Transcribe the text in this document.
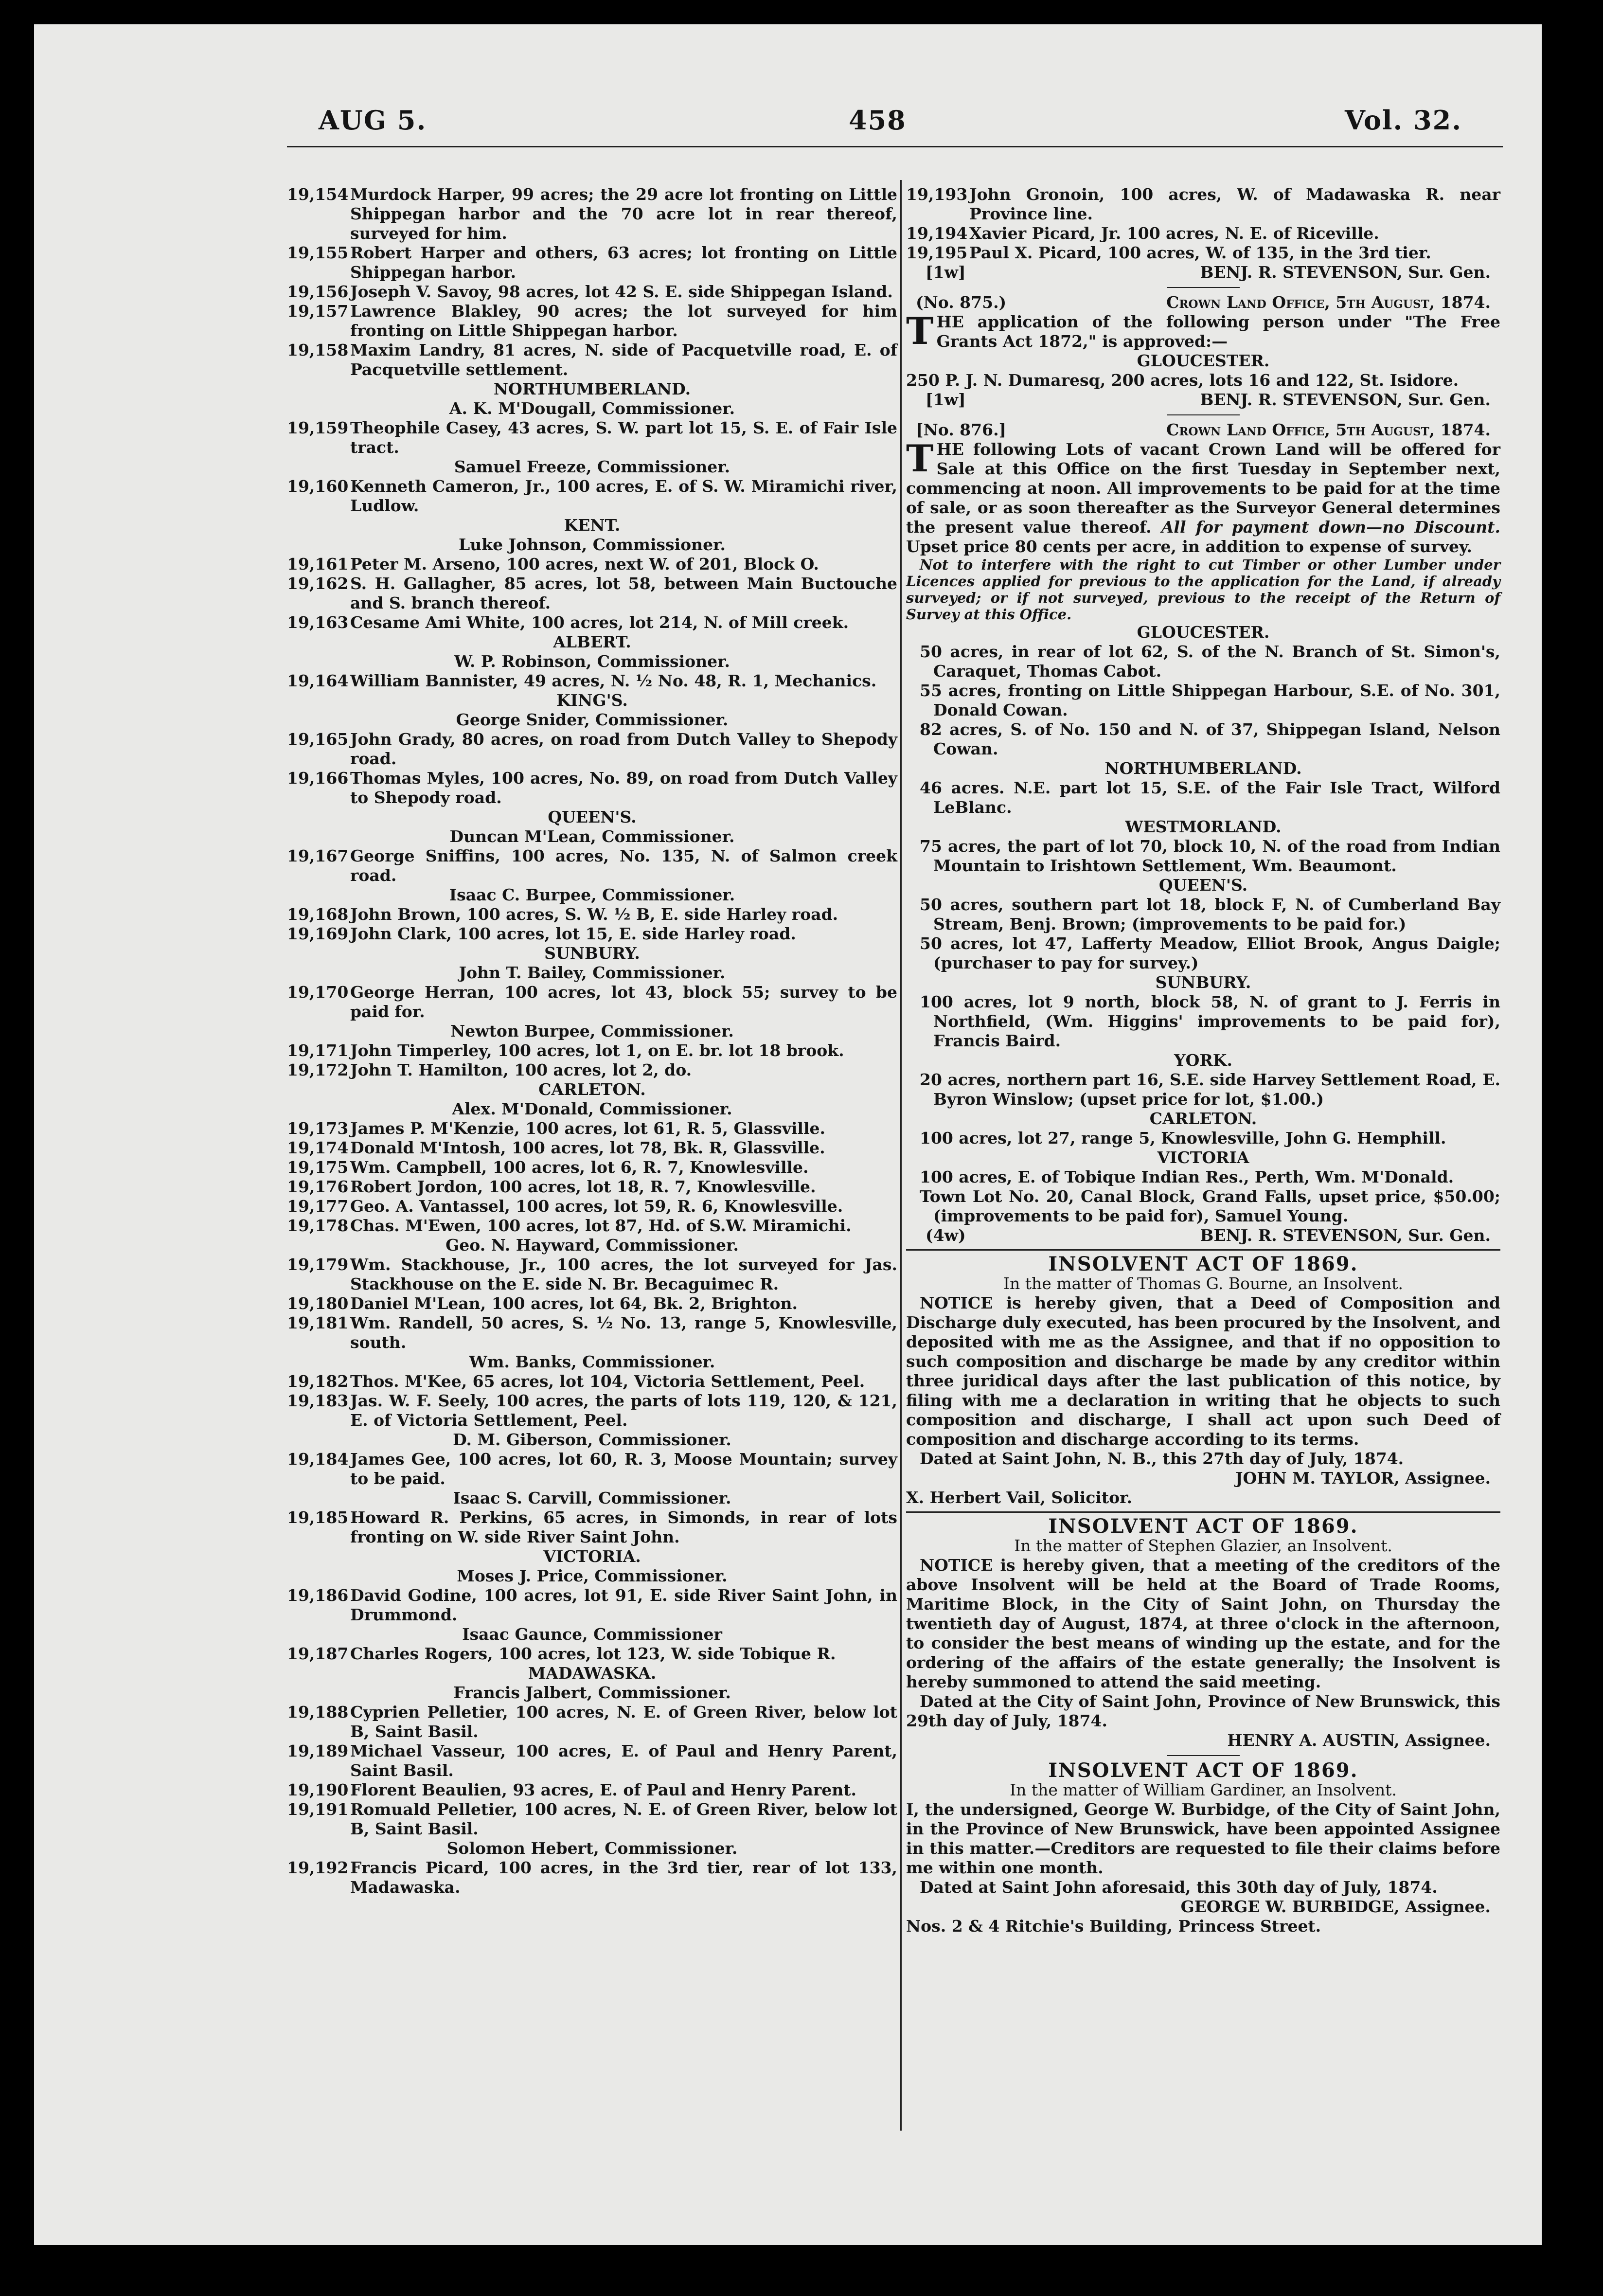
AUG 5.	458	Vol. 32.
19,154 Murdock Harper, 99 acres; the 29 acre lot fronting on Little Shippegan harbor and the 70 acre lot in rear thereof, surveyed for him.
19,155 Robert Harper and others, 63 acres; lot fronting on Little Shippegan harbor.
19,156 Joseph V. Savoy, 98 acres, lot 42 S. E. side Shippegan Island.
19,157 Lawrence Blakley, 90 acres; the lot surveyed for him fronting on Little Shippegan harbor.
19,158 Maxim Landry, 81 acres, N. side of Pacquetville road, E. of Pacquetville settlement.
NORTHUMBERLAND.
A. K. M'Dougall, Commissioner.
19,159 Theophile Casey, 43 acres, S. W. part lot 15, S. E. of Fair Isle tract.
Samuel Freeze, Commissioner.
19,160 Kenneth Cameron, Jr., 100 acres, E. of S. W. Miramichi river, Ludlow.
KENT.
Luke Johnson, Commissioner.
19,161 Peter M. Arseno, 100 acres, next W. of 201, Block O.
19,162 S. H. Gallagher, 85 acres, lot 58, between Main Buctouche and S. branch thereof.
19,163 Cesame Ami White, 100 acres, lot 214, N. of Mill creek.
ALBERT.
W. P. Robinson, Commissioner.
19,164 William Bannister, 49 acres, N. ½ No. 48, R. 1, Mechanics.
KING'S.
George Snider, Commissioner.
19,165 John Grady, 80 acres, on road from Dutch Valley to Shepody road.
19,166 Thomas Myles, 100 acres, No. 89, on road from Dutch Valley to Shepody road.
QUEEN'S.
Duncan M'Lean, Commissioner.
19,167 George Sniffins, 100 acres, No. 135, N. of Salmon creek road.
Isaac C. Burpee, Commissioner.
19,168 John Brown, 100 acres, S. W. ½ B, E. side Harley road.
19,169 John Clark, 100 acres, lot 15, E. side Harley road.
SUNBURY.
John T. Bailey, Commissioner.
19,170 George Herran, 100 acres, lot 43, block 55; survey to be paid for.
Newton Burpee, Commissioner.
19,171 John Timperley, 100 acres, lot 1, on E. br. lot 18 brook.
19,172 John T. Hamilton, 100 acres, lot 2, do.
CARLETON.
Alex. M'Donald, Commissioner.
19,173 James P. M'Kenzie, 100 acres, lot 61, R. 5, Glassville.
19,174 Donald M'Intosh, 100 acres, lot 78, Bk. R, Glassville.
19,175 Wm. Campbell, 100 acres, lot 6, R. 7, Knowlesville.
19,176 Robert Jordon, 100 acres, lot 18, R. 7, Knowlesville.
19,177 Geo. A. Vantassel, 100 acres, lot 59, R. 6, Knowlesville.
19,178 Chas. M'Ewen, 100 acres, lot 87, Hd. of S.W. Miramichi.
Geo. N. Hayward, Commissioner.
19,179 Wm. Stackhouse, Jr., 100 acres, the lot surveyed for Jas. Stackhouse on the E. side N. Br. Becaguimec R.
19,180 Daniel M'Lean, 100 acres, lot 64, Bk. 2, Brighton.
19,181 Wm. Randell, 50 acres, S. ½ No. 13, range 5, Knowlesville, south.
Wm. Banks, Commissioner.
19,182 Thos. M'Kee, 65 acres, lot 104, Victoria Settlement, Peel.
19,183 Jas. W. F. Seely, 100 acres, the parts of lots 119, 120, & 121, E. of Victoria Settlement, Peel.
D. M. Giberson, Commissioner.
19,184 James Gee, 100 acres, lot 60, R. 3, Moose Mountain; survey to be paid.
Isaac S. Carvill, Commissioner.
19,185 Howard R. Perkins, 65 acres, in Simonds, in rear of lots fronting on W. side River Saint John.
VICTORIA.
Moses J. Price, Commissioner.
19,186 David Godine, 100 acres, lot 91, E. side River Saint John, in Drummond.
Isaac Gaunce, Commissioner
19,187 Charles Rogers, 100 acres, lot 123, W. side Tobique R.
MADAWASKA.
Francis Jalbert, Commissioner.
19,188 Cyprien Pelletier, 100 acres, N. E. of Green River, below lot B, Saint Basil.
19,189 Michael Vasseur, 100 acres, E. of Paul and Henry Parent, Saint Basil.
19,190 Florent Beaulien, 93 acres, E. of Paul and Henry Parent.
19,191 Romuald Pelletier, 100 acres, N. E. of Green River, below lot B, Saint Basil.
Solomon Hebert, Commissioner.
19,192 Francis Picard, 100 acres, in the 3rd tier, rear of lot 133, Madawaska.
19,193 John Gronoin, 100 acres, W. of Madawaska R. near Province line.
19,194 Xavier Picard, Jr. 100 acres, N. E. of Riceville.
19,195 Paul X. Picard, 100 acres, W. of 135, in the 3rd tier.
[1w]	BENJ. R. STEVENSON, Sur. Gen.
(No. 875.)	Crown Land Office, 5th August, 1874.
THE application of the following person under "The Free Grants Act 1872," is approved:—
GLOUCESTER.
250 P. J. N. Dumaresq, 200 acres, lots 16 and 122, St. Isidore.
[1w]	BENJ. R. STEVENSON, Sur. Gen.
[No. 876.]	Crown Land Office, 5th August, 1874.
THE following Lots of vacant Crown Land will be offered for Sale at this Office on the first Tuesday in September next, commencing at noon. All improvements to be paid for at the time of sale, or as soon thereafter as the Surveyor General determines the present value thereof. All for payment down—no Discount. Upset price 80 cents per acre, in addition to expense of survey.
Not to interfere with the right to cut Timber or other Lumber under Licences applied for previous to the application for the Land, if already surveyed; or if not surveyed, previous to the receipt of the Return of Survey at this Office.
GLOUCESTER.
50 acres, in rear of lot 62, S. of the N. Branch of St. Simon's, Caraquet, Thomas Cabot.
55 acres, fronting on Little Shippegan Harbour, S.E. of No. 301, Donald Cowan.
82 acres, S. of No. 150 and N. of 37, Shippegan Island, Nelson Cowan.
NORTHUMBERLAND.
46 acres. N.E. part lot 15, S.E. of the Fair Isle Tract, Wilford LeBlanc.
WESTMORLAND.
75 acres, the part of lot 70, block 10, N. of the road from Indian Mountain to Irishtown Settlement, Wm. Beaumont.
QUEEN'S.
50 acres, southern part lot 18, block F, N. of Cumberland Bay Stream, Benj. Brown; (improvements to be paid for.)
50 acres, lot 47, Lafferty Meadow, Elliot Brook, Angus Daigle; (purchaser to pay for survey.)
SUNBURY.
100 acres, lot 9 north, block 58, N. of grant to J. Ferris in Northfield, (Wm. Higgins' improvements to be paid for), Francis Baird.
YORK.
20 acres, northern part 16, S.E. side Harvey Settlement Road, E. Byron Winslow; (upset price for lot, $1.00.)
CARLETON.
100 acres, lot 27, range 5, Knowlesville, John G. Hemphill.
VICTORIA
100 acres, E. of Tobique Indian Res., Perth, Wm. M'Donald.
Town Lot No. 20, Canal Block, Grand Falls, upset price, $50.00; (improvements to be paid for), Samuel Young.
(4w)	BENJ. R. STEVENSON, Sur. Gen.
INSOLVENT ACT OF 1869.
In the matter of Thomas G. Bourne, an Insolvent.
NOTICE is hereby given, that a Deed of Composition and Discharge duly executed, has been procured by the Insolvent, and deposited with me as the Assignee, and that if no opposition to such composition and discharge be made by any creditor within three juridical days after the last publication of this notice, by filing with me a declaration in writing that he objects to such composition and discharge, I shall act upon such Deed of composition and discharge according to its terms.
Dated at Saint John, N. B., this 27th day of July, 1874.
JOHN M. TAYLOR, Assignee.
X. Herbert Vail, Solicitor.
INSOLVENT ACT OF 1869.
In the matter of Stephen Glazier, an Insolvent.
NOTICE is hereby given, that a meeting of the creditors of the above Insolvent will be held at the Board of Trade Rooms, Maritime Block, in the City of Saint John, on Thursday the twentieth day of August, 1874, at three o'clock in the afternoon, to consider the best means of winding up the estate, and for the ordering of the affairs of the estate generally; the Insolvent is hereby summoned to attend the said meeting.
Dated at the City of Saint John, Province of New Brunswick, this 29th day of July, 1874.
HENRY A. AUSTIN, Assignee.
INSOLVENT ACT OF 1869.
In the matter of William Gardiner, an Insolvent.
I, the undersigned, George W. Burbidge, of the City of Saint John, in the Province of New Brunswick, have been appointed Assignee in this matter.—Creditors are requested to file their claims before me within one month.
Dated at Saint John aforesaid, this 30th day of July, 1874.
GEORGE W. BURBIDGE, Assignee.
Nos. 2 & 4 Ritchie's Building, Princess Street.
